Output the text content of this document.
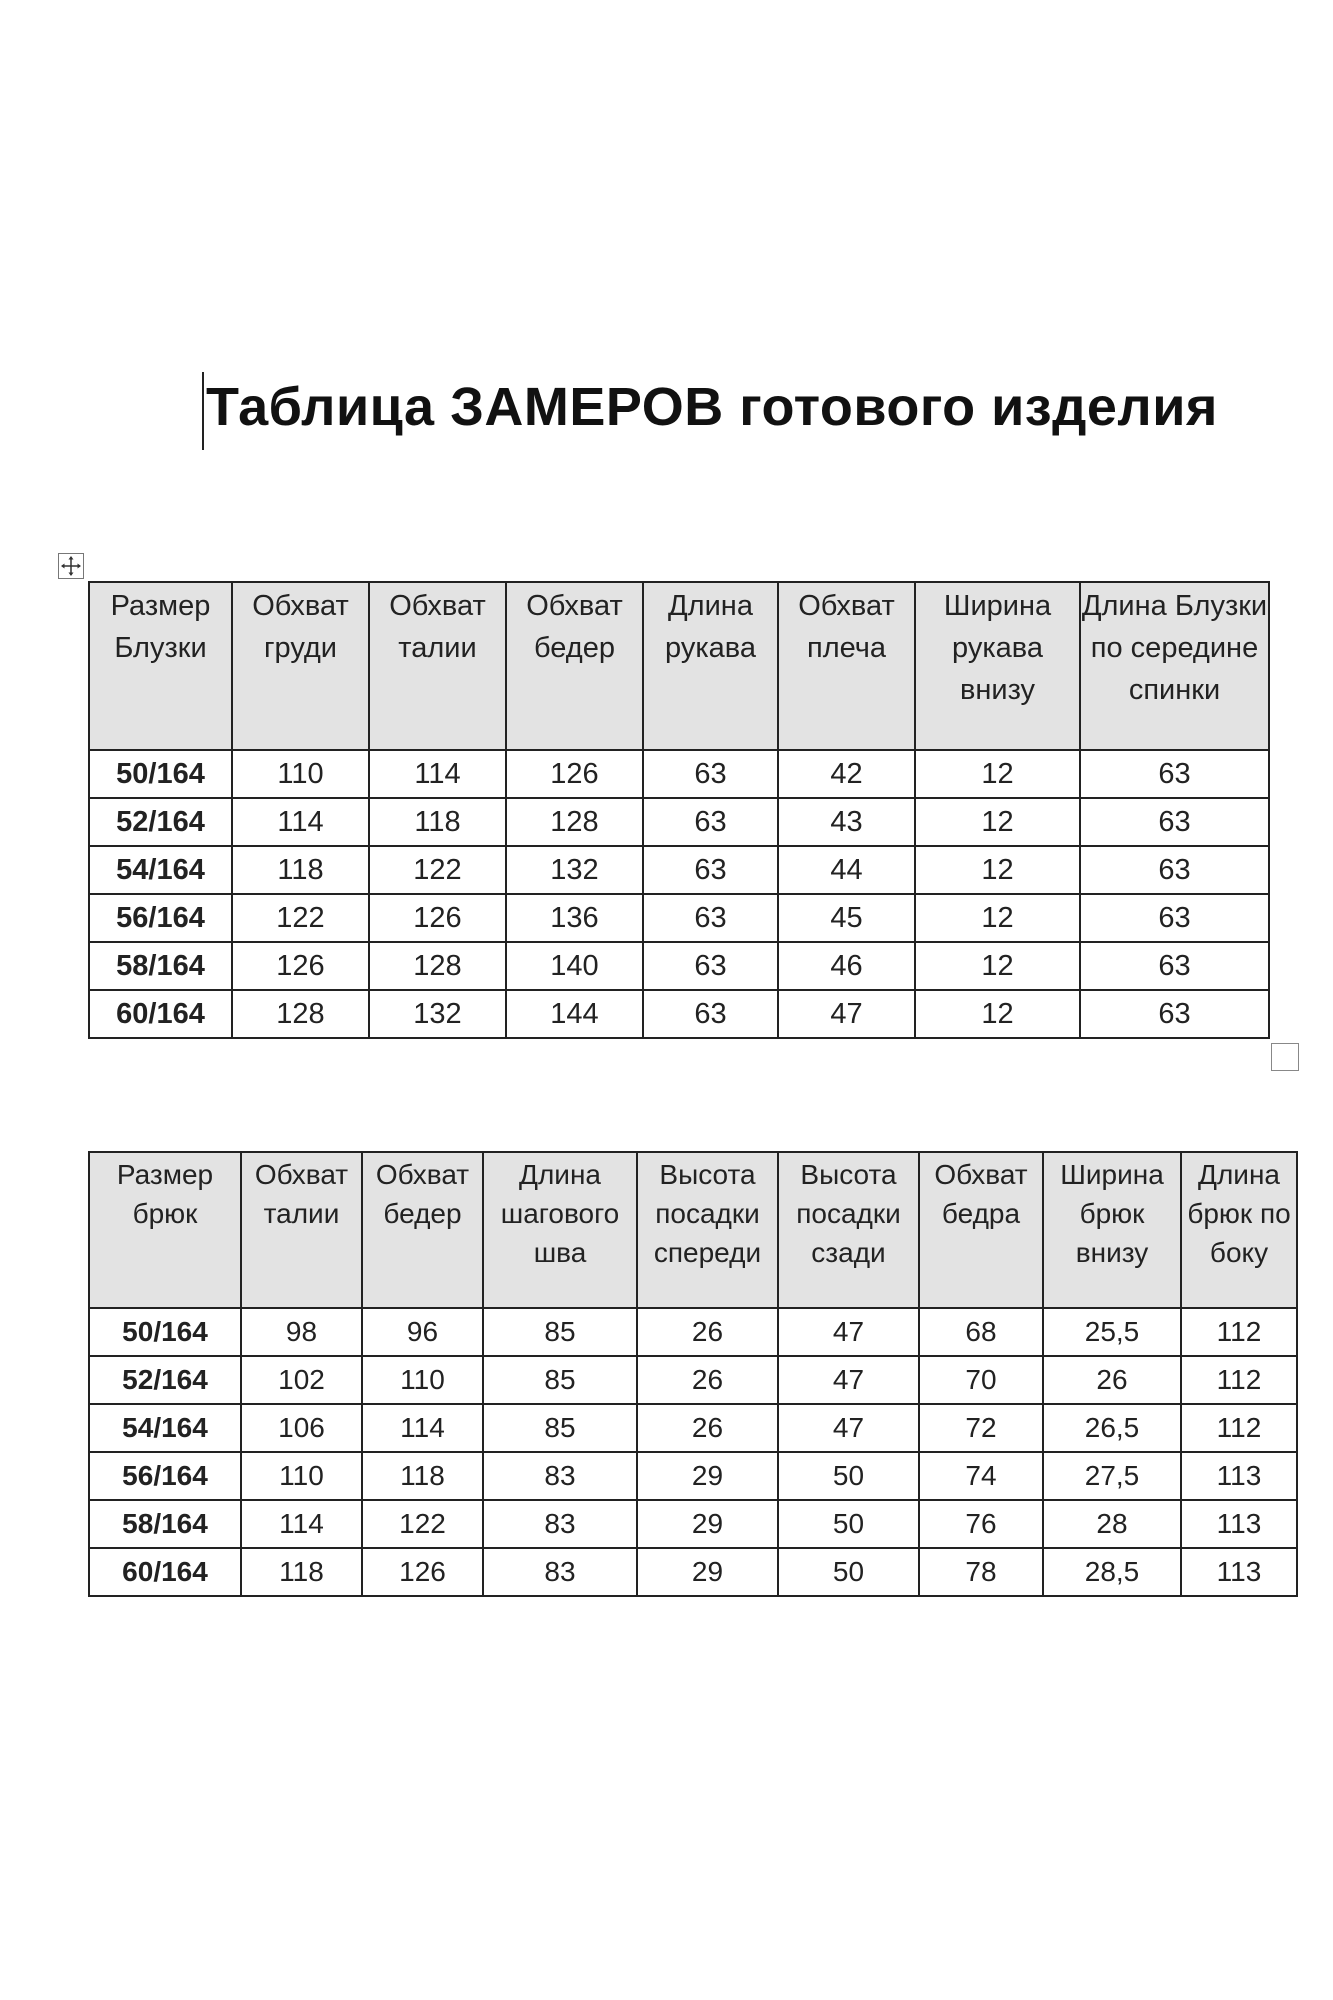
Таблица ЗАМЕРОВ готового изделия
Размер Блузки	Обхват груди	Обхват талии	Обхват бедер	Длина рукава	Обхват плеча	Ширина рукава внизу	Длина Блузки по середине спинки
50/164	110	114	126	63	42	12	63
52/164	114	118	128	63	43	12	63
54/164	118	122	132	63	44	12	63
56/164	122	126	136	63	45	12	63
58/164	126	128	140	63	46	12	63
60/164	128	132	144	63	47	12	63
Размер брюк	Обхват талии	Обхват бедер	Длина шагового шва	Высота посадки спереди	Высота посадки сзади	Обхват бедра	Ширина брюк внизу	Длина брюк по боку
50/164	98	96	85	26	47	68	25,5	112
52/164	102	110	85	26	47	70	26	112
54/164	106	114	85	26	47	72	26,5	112
56/164	110	118	83	29	50	74	27,5	113
58/164	114	122	83	29	50	76	28	113
60/164	118	126	83	29	50	78	28,5	113
